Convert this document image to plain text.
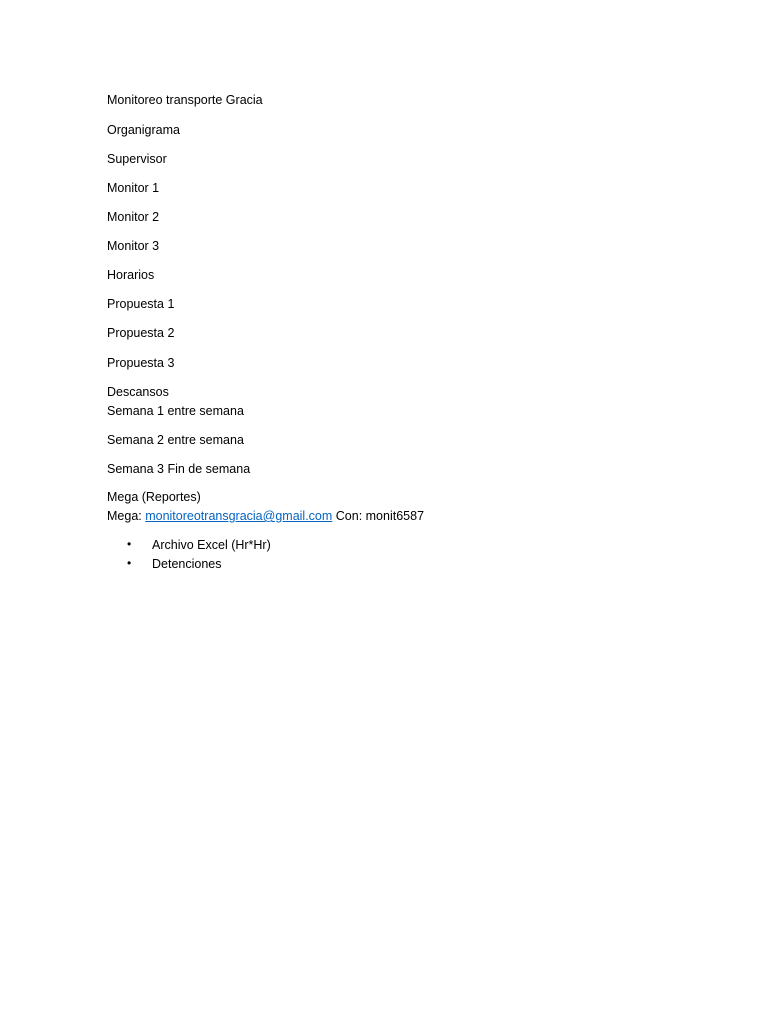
Monitoreo transporte Gracia
Organigrama
Supervisor
Monitor 1
Monitor 2
Monitor 3
Horarios
Propuesta 1
Propuesta 2
Propuesta 3
Descansos
Semana 1 entre semana
Semana 2 entre semana
Semana 3 Fin de semana
Mega (Reportes)
Mega: monitoreotransgracia@gmail.com Con: monit6587
• Archivo Excel (Hr*Hr)
• Detenciones
